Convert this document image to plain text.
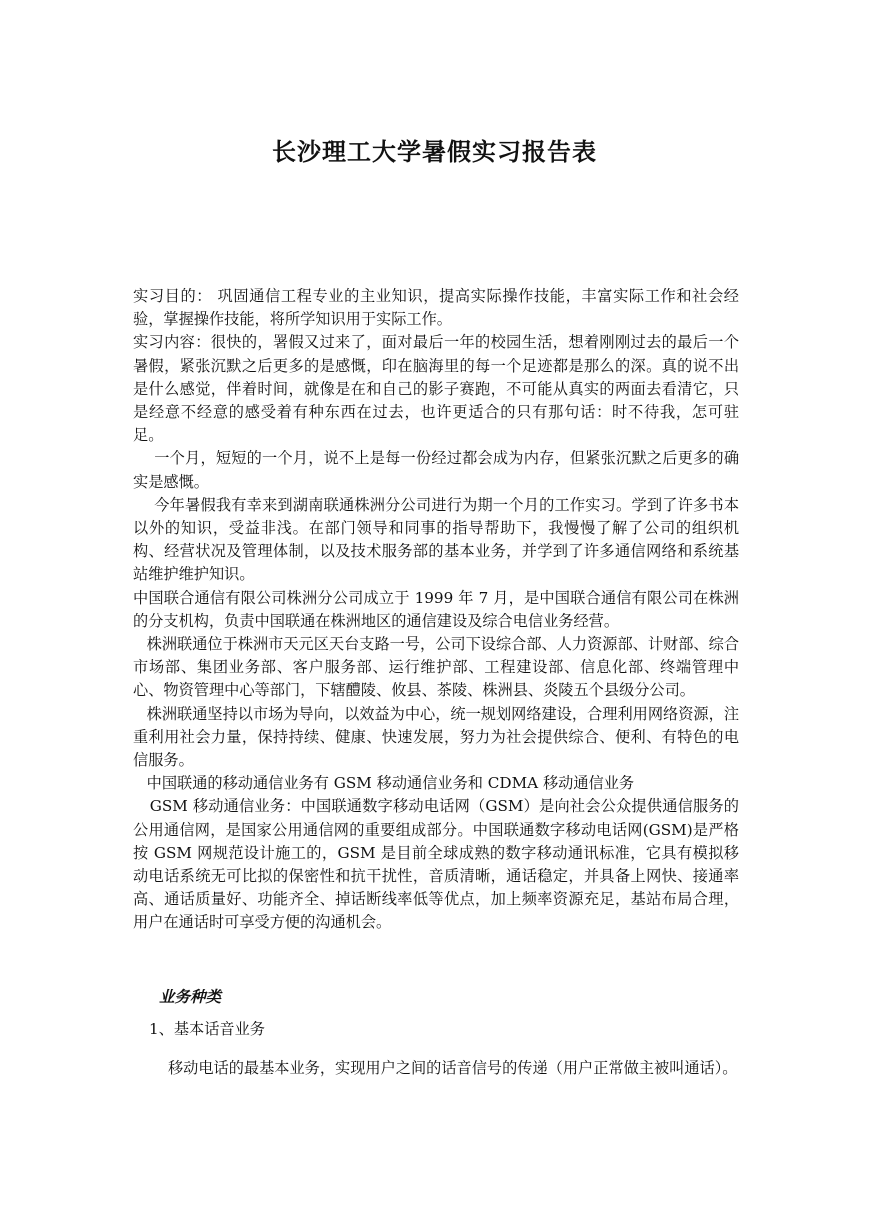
长沙理工大学暑假实习报告表

实习目的： 巩固通信工程专业的主业知识，提高实际操作技能，丰富实际工作和社会经验，掌握操作技能，将所学知识用于实际工作。

实习内容：很快的，署假又过来了，面对最后一年的校园生活，想着刚刚过去的最后一个暑假，紧张沉默之后更多的是感慨，印在脑海里的每一个足迹都是那么的深。真的说不出是什么感觉，伴着时间，就像是在和自己的影子赛跑，不可能从真实的两面去看清它，只是经意不经意的感受着有种东西在过去，也许更适合的只有那句话：时不待我，怎可驻足。

一个月，短短的一个月，说不上是每一份经过都会成为内存，但紧张沉默之后更多的确实是感慨。

今年暑假我有幸来到湖南联通株洲分公司进行为期一个月的工作实习。学到了许多书本以外的知识，受益非浅。在部门领导和同事的指导帮助下，我慢慢了解了公司的组织机构、经营状况及管理体制，以及技术服务部的基本业务，并学到了许多通信网络和系统基站维护维护知识。

中国联合通信有限公司株洲分公司成立于 1999 年 7 月，是中国联合通信有限公司在株洲的分支机构，负责中国联通在株洲地区的通信建设及综合电信业务经营。

株洲联通位于株洲市天元区天台支路一号，公司下设综合部、人力资源部、计财部、综合市场部、集团业务部、客户服务部、运行维护部、工程建设部、信息化部、终端管理中心、物资管理中心等部门，下辖醴陵、攸县、茶陵、株洲县、炎陵五个县级分公司。

株洲联通坚持以市场为导向，以效益为中心，统一规划网络建设，合理利用网络资源，注重利用社会力量，保持持续、健康、快速发展，努力为社会提供综合、便利、有特色的电信服务。

中国联通的移动通信业务有 GSM 移动通信业务和 CDMA 移动通信业务

GSM 移动通信业务：中国联通数字移动电话网（GSM）是向社会公众提供通信服务的公用通信网，是国家公用通信网的重要组成部分。中国联通数字移动电话网(GSM)是严格按 GSM 网规范设计施工的，GSM 是目前全球成熟的数字移动通讯标准，它具有模拟移动电话系统无可比拟的保密性和抗干扰性，音质清晰，通话稳定，并具备上网快、接通率高、通话质量好、功能齐全、掉话断线率低等优点，加上频率资源充足，基站布局合理，用户在通话时可享受方便的沟通机会。

业务种类
1、基本话音业务
移动电话的最基本业务，实现用户之间的话音信号的传递（用户正常做主被叫通话）。
